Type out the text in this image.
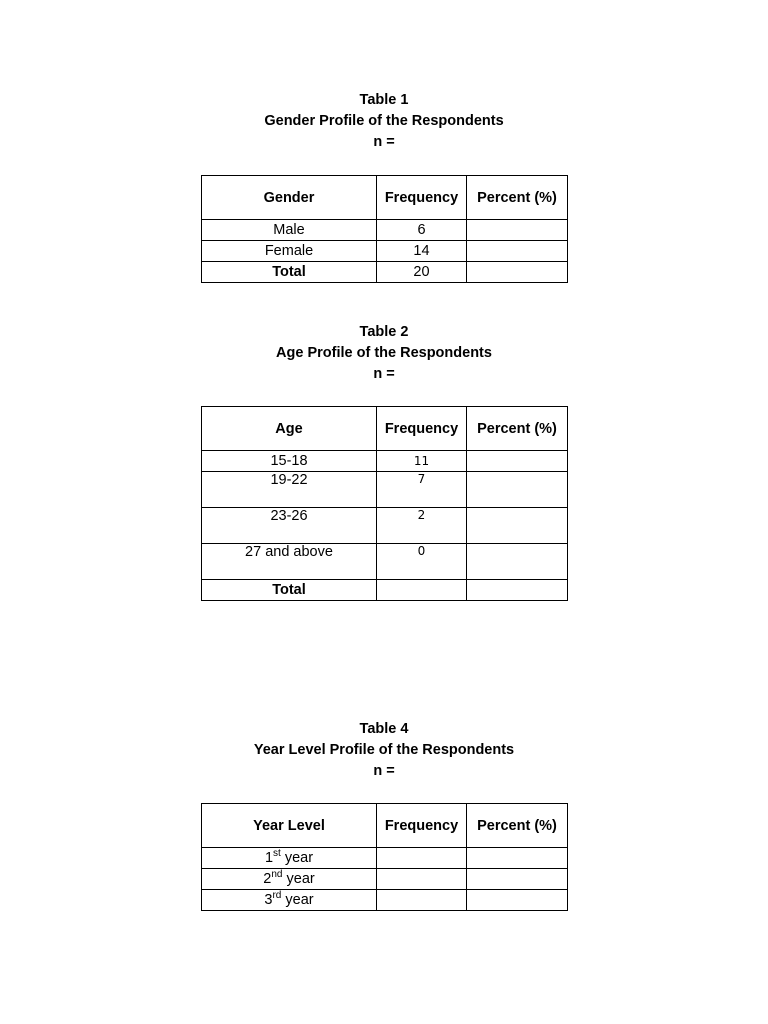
Table 1
Gender Profile of the Respondents
n =
Gender	Frequency	Percent (%)
Male	6	
Female	14	
Total	20	
Table 2
Age Profile of the Respondents
n =
Age	Frequency	Percent (%)
15-18	11	
19-22	7	
23-26	2	
27 and above	0	
Total		
Table 4
Year Level Profile of the Respondents
n =
Year Level	Frequency	Percent (%)
1st year		
2nd year		
3rd year		
